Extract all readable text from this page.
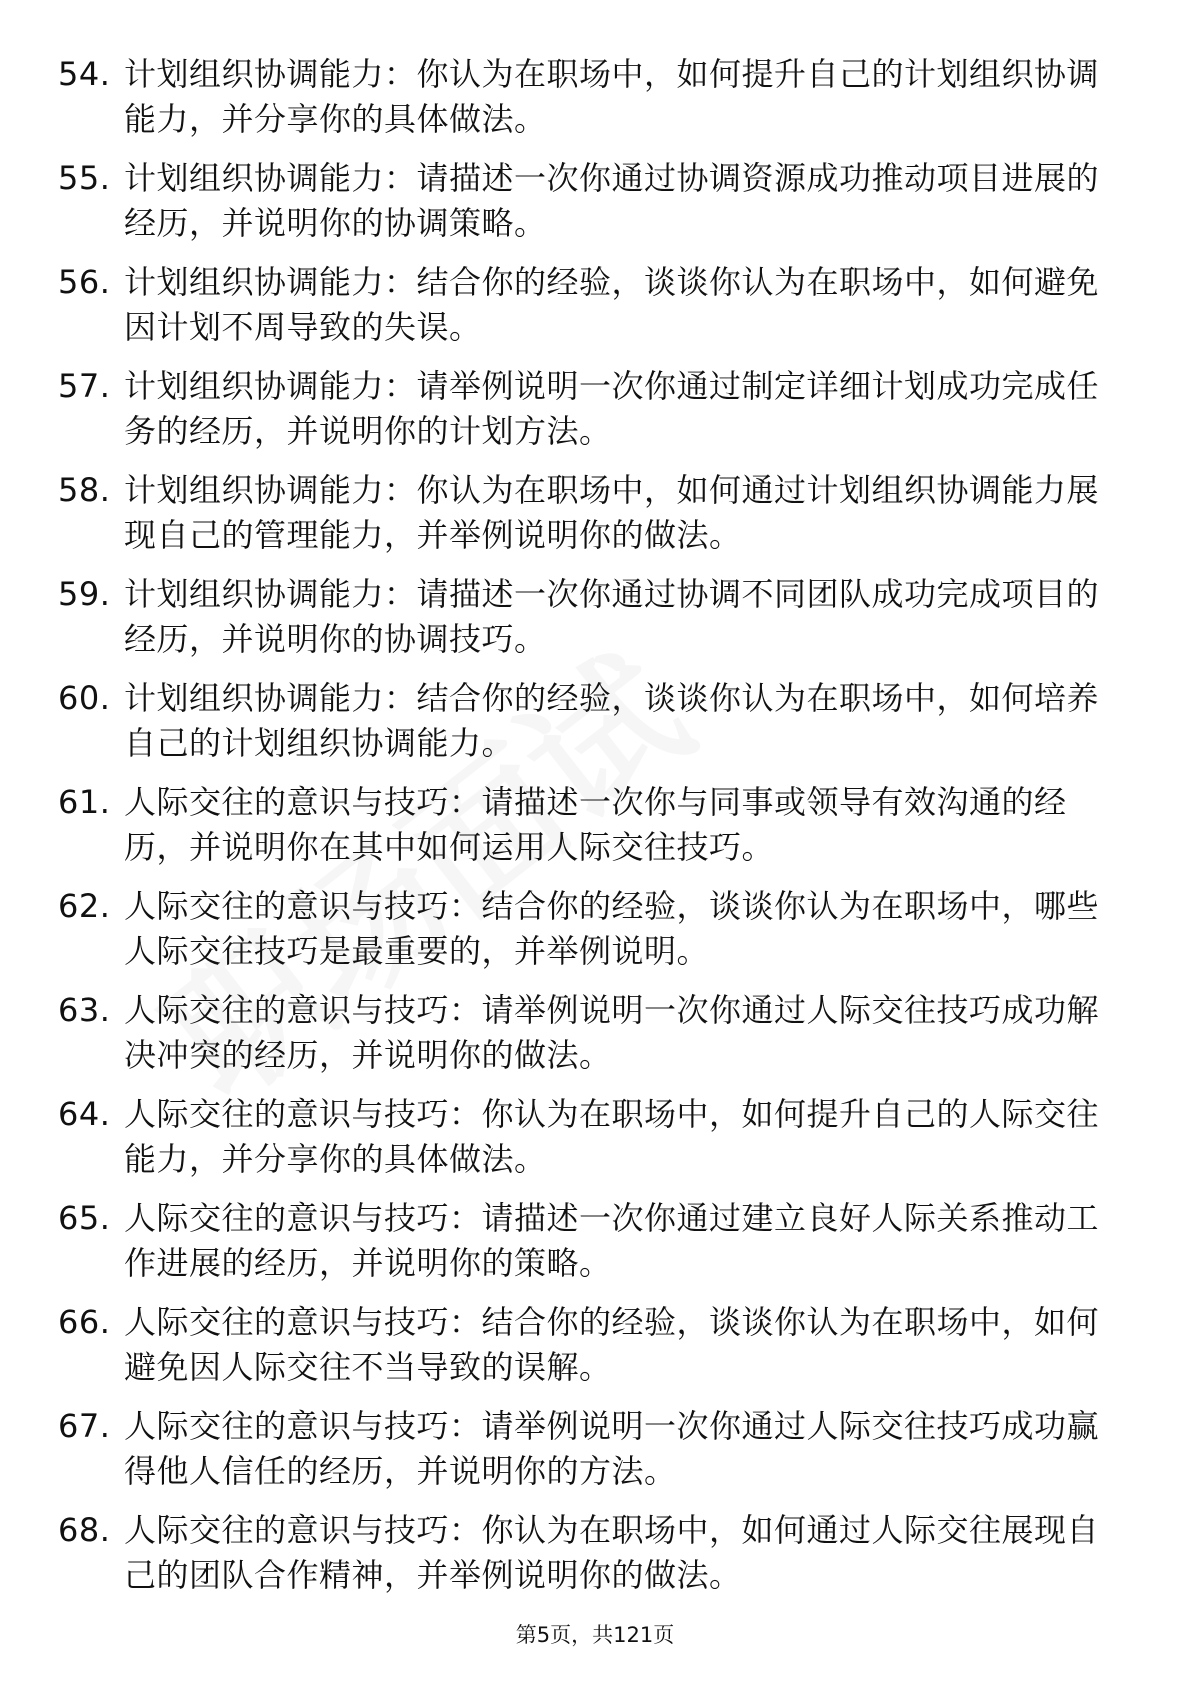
54. 计划组织协调能力：你认为在职场中，如何提升自己的计划组织协调能力，并分享你的具体做法。
55. 计划组织协调能力：请描述一次你通过协调资源成功推动项目进展的经历，并说明你的协调策略。
56. 计划组织协调能力：结合你的经验，谈谈你认为在职场中，如何避免因计划不周导致的失误。
57. 计划组织协调能力：请举例说明一次你通过制定详细计划成功完成任务的经历，并说明你的计划方法。
58. 计划组织协调能力：你认为在职场中，如何通过计划组织协调能力展现自己的管理能力，并举例说明你的做法。
59. 计划组织协调能力：请描述一次你通过协调不同团队成功完成项目的经历，并说明你的协调技巧。
60. 计划组织协调能力：结合你的经验，谈谈你认为在职场中，如何培养自己的计划组织协调能力。
61. 人际交往的意识与技巧：请描述一次你与同事或领导有效沟通的经历，并说明你在其中如何运用人际交往技巧。
62. 人际交往的意识与技巧：结合你的经验，谈谈你认为在职场中，哪些人际交往技巧是最重要的，并举例说明。
63. 人际交往的意识与技巧：请举例说明一次你通过人际交往技巧成功解决冲突的经历，并说明你的做法。
64. 人际交往的意识与技巧：你认为在职场中，如何提升自己的人际交往能力，并分享你的具体做法。
65. 人际交往的意识与技巧：请描述一次你通过建立良好人际关系推动工作进展的经历，并说明你的策略。
66. 人际交往的意识与技巧：结合你的经验，谈谈你认为在职场中，如何避免因人际交往不当导致的误解。
67. 人际交往的意识与技巧：请举例说明一次你通过人际交往技巧成功赢得他人信任的经历，并说明你的方法。
68. 人际交往的意识与技巧：你认为在职场中，如何通过人际交往展现自己的团队合作精神，并举例说明你的做法。
第5页，共121页
